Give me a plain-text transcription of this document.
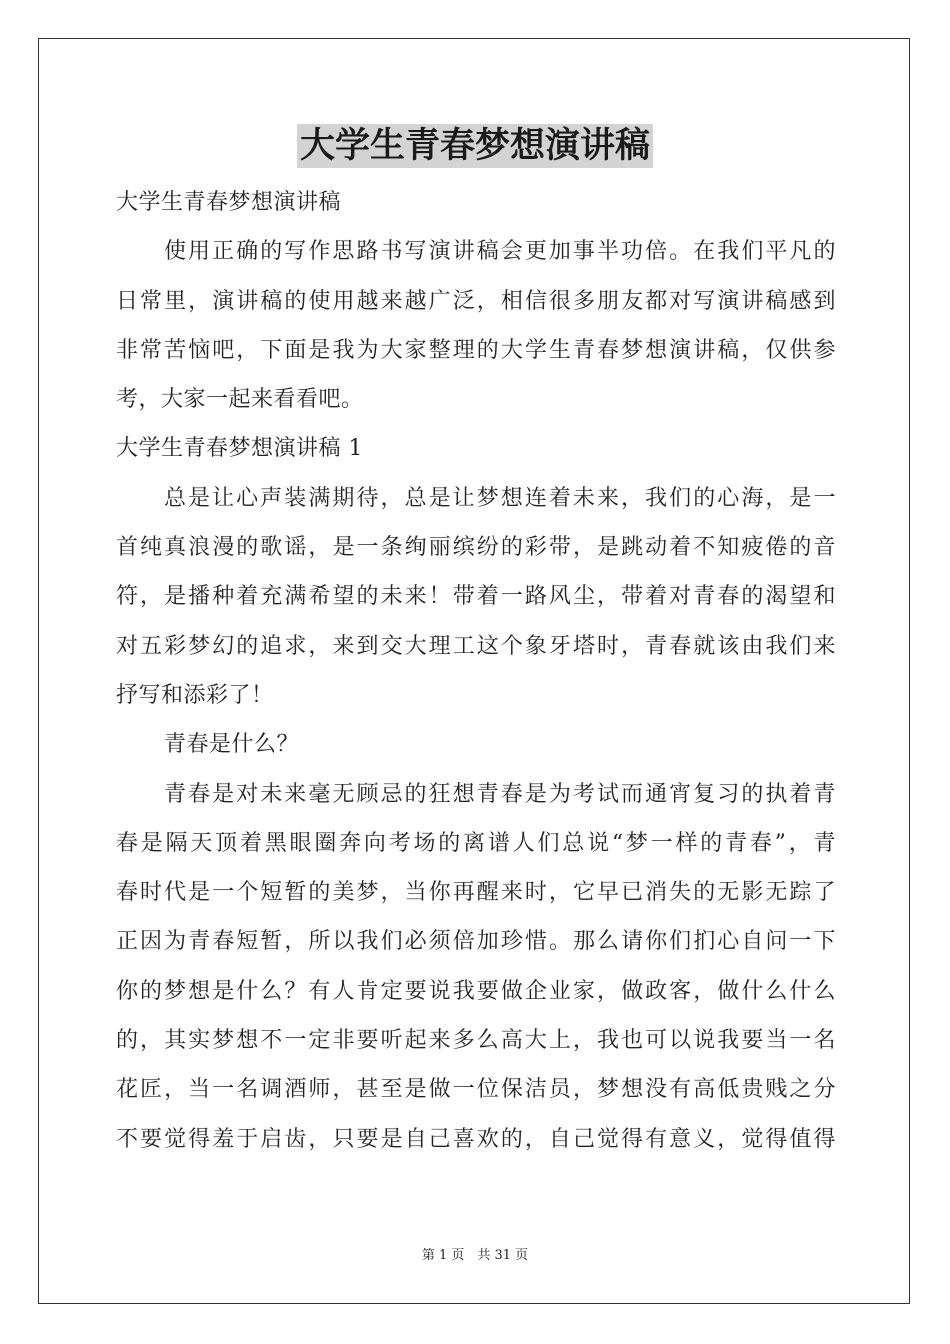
大学生青春梦想演讲稿
大学生青春梦想演讲稿
使用正确的写作思路书写演讲稿会更加事半功倍。在我们平凡的
日常里，演讲稿的使用越来越广泛，相信很多朋友都对写演讲稿感到
非常苦恼吧，下面是我为大家整理的大学生青春梦想演讲稿，仅供参
考，大家一起来看看吧。
大学生青春梦想演讲稿 1
总是让心声装满期待，总是让梦想连着未来，我们的心海，是一
首纯真浪漫的歌谣，是一条绚丽缤纷的彩带，是跳动着不知疲倦的音
符，是播种着充满希望的未来！带着一路风尘，带着对青春的渴望和
对五彩梦幻的追求，来到交大理工这个象牙塔时，青春就该由我们来
抒写和添彩了！
青春是什么？
青春是对未来毫无顾忌的狂想青春是为考试而通宵复习的执着青
春是隔天顶着黑眼圈奔向考场的离谱人们总说“梦一样的青春”，青
春时代是一个短暂的美梦，当你再醒来时，它早已消失的无影无踪了
正因为青春短暂，所以我们必须倍加珍惜。那么请你们扪心自问一下
你的梦想是什么？有人肯定要说我要做企业家，做政客，做什么什么
的，其实梦想不一定非要听起来多么高大上，我也可以说我要当一名
花匠，当一名调酒师，甚至是做一位保洁员，梦想没有高低贵贱之分
不要觉得羞于启齿，只要是自己喜欢的，自己觉得有意义，觉得值得
第 1 页　共 31 页
